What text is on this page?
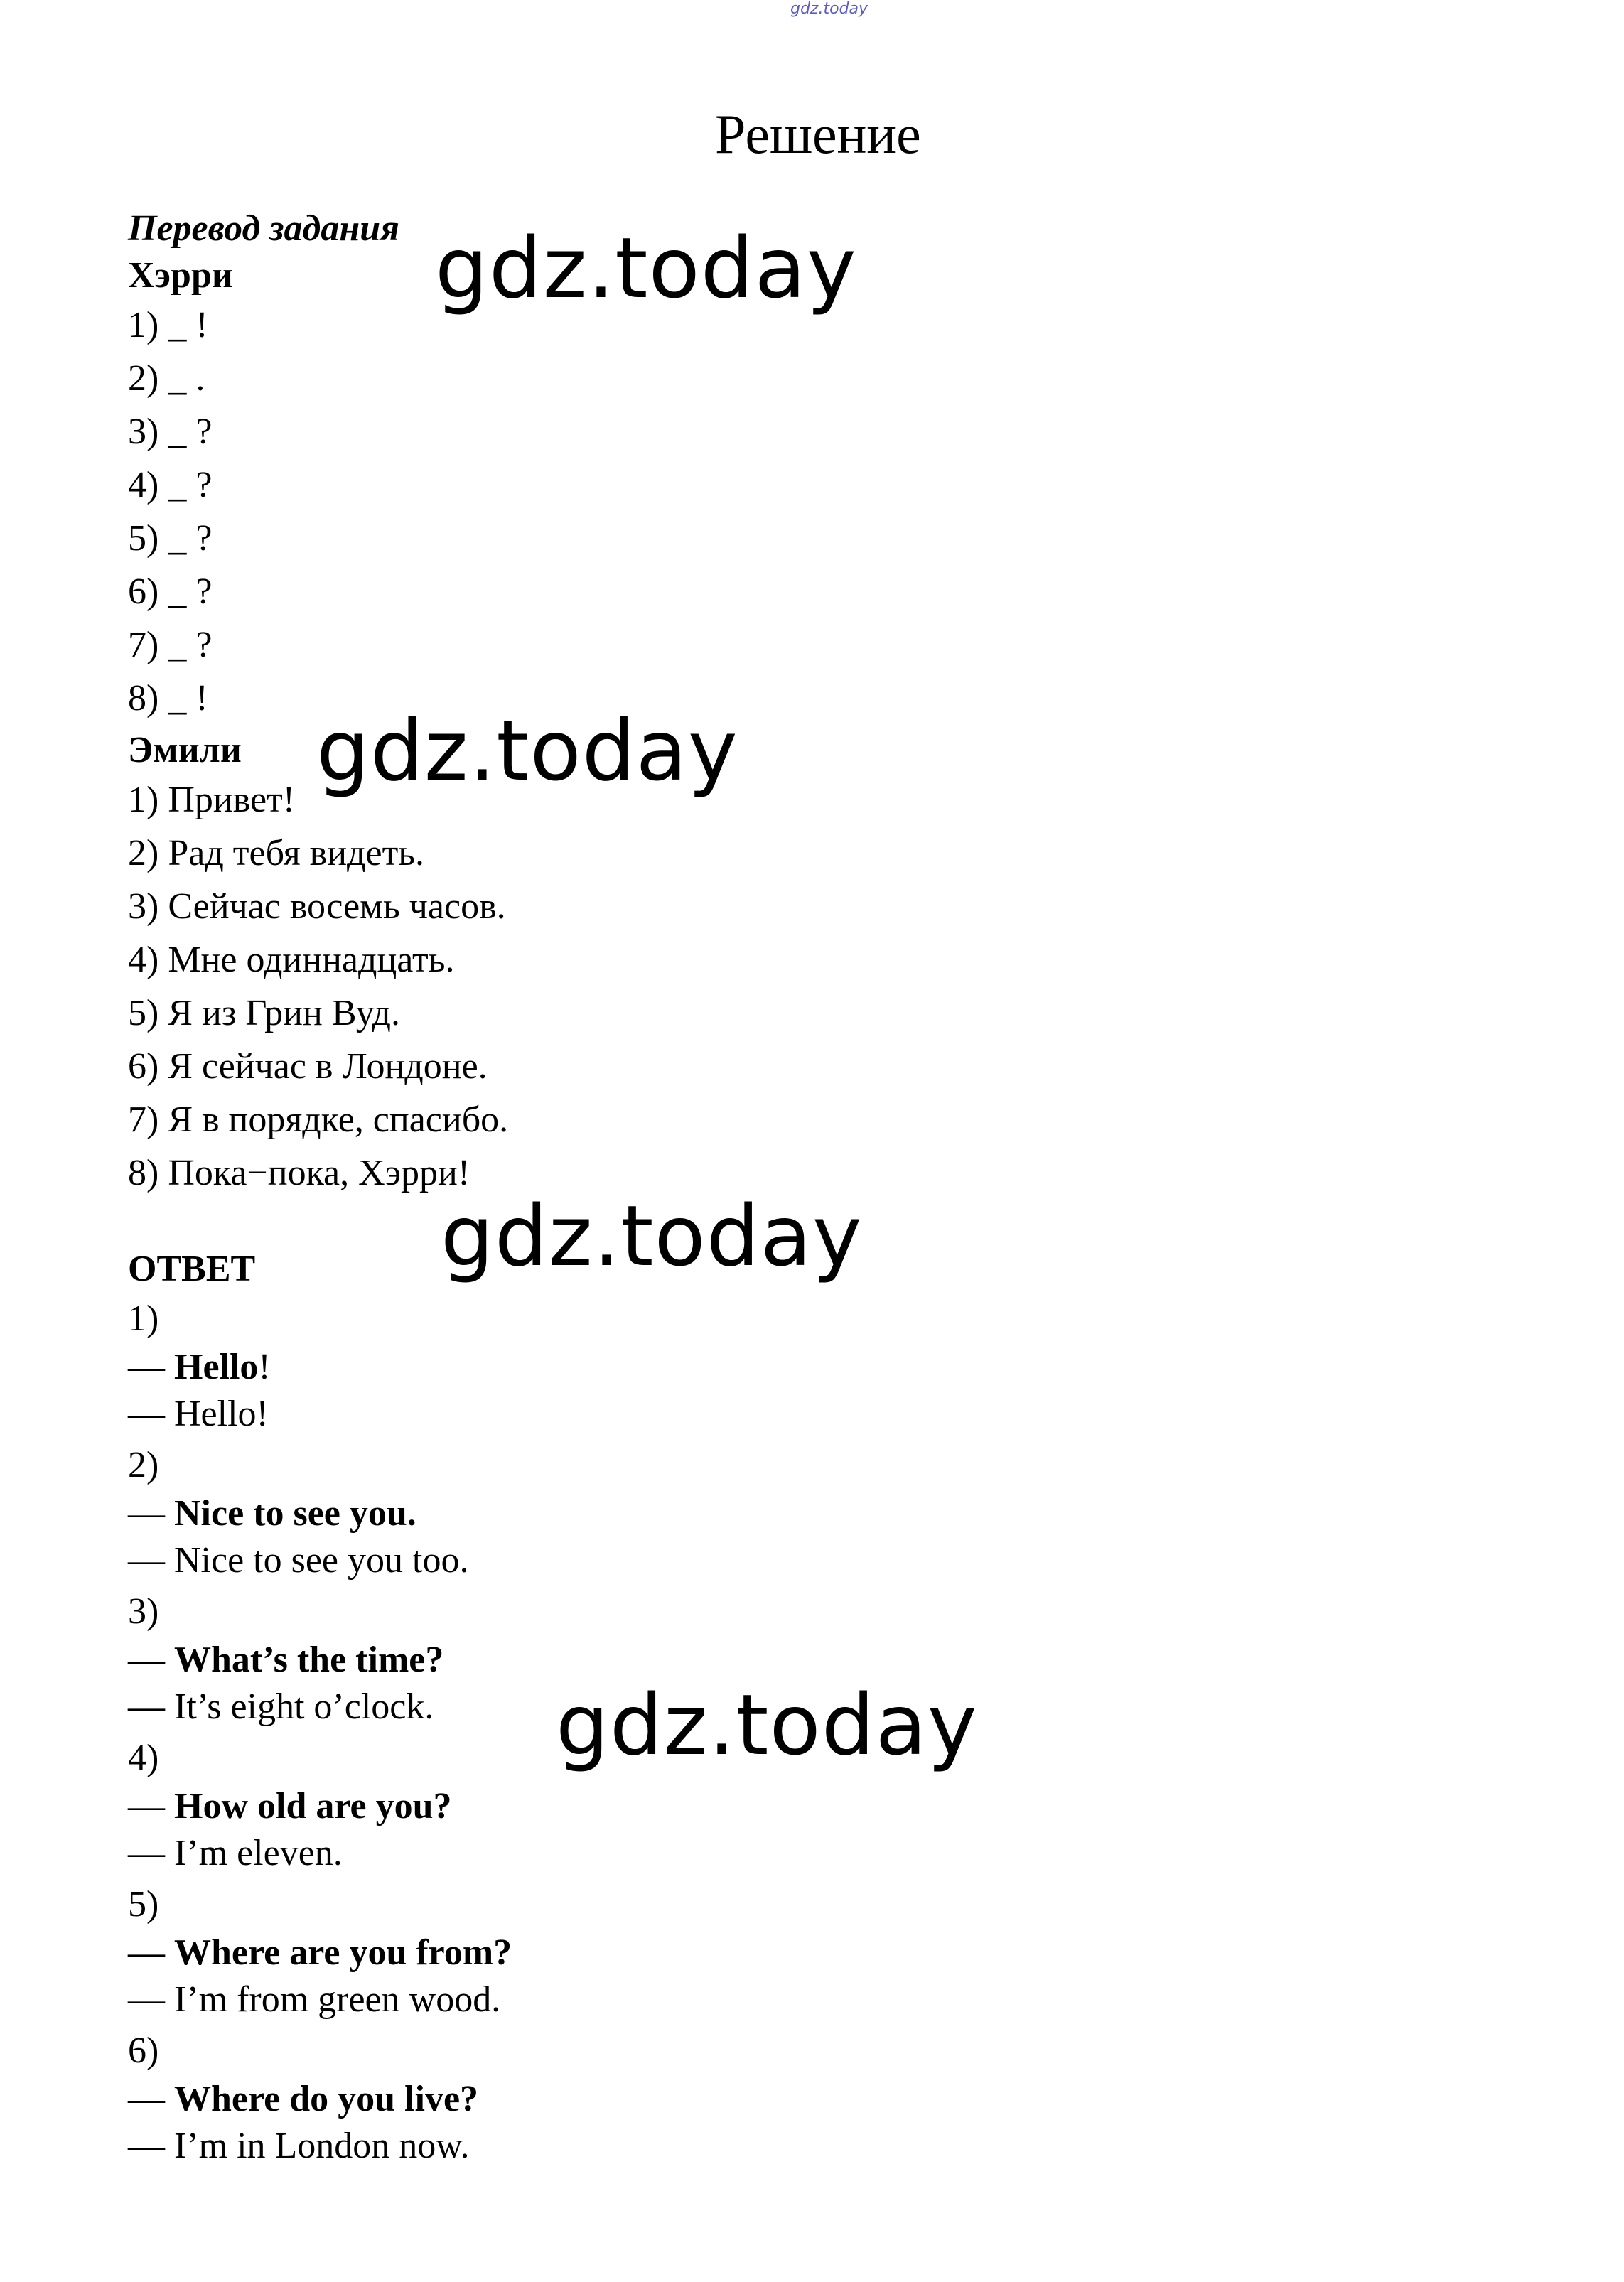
gdz.today
Решение
Перевод задания
Хэрри
1) _ !
2) _ .
3) _ ?
4) _ ?
5) _ ?
6) _ ?
7) _ ?
8) _ !
Эмили
1) Привет!
2) Рад тебя видеть.
3) Сейчас восемь часов.
4) Мне одиннадцать.
5) Я из Грин Вуд.
6) Я сейчас в Лондоне.
7) Я в порядке, спасибо.
8) Пока−пока, Хэрри!
ОТВЕТ
1)
— Hello!
— Hello!
2)
— Nice to see you.
— Nice to see you too.
3)
— What’s the time?
— It’s eight o’clock.
4)
— How old are you?
— I’m eleven.
5)
— Where are you from?
— I’m from green wood.
6)
— Where do you live?
— I’m in London now.
gdz.today
gdz.today
gdz.today
gdz.today
